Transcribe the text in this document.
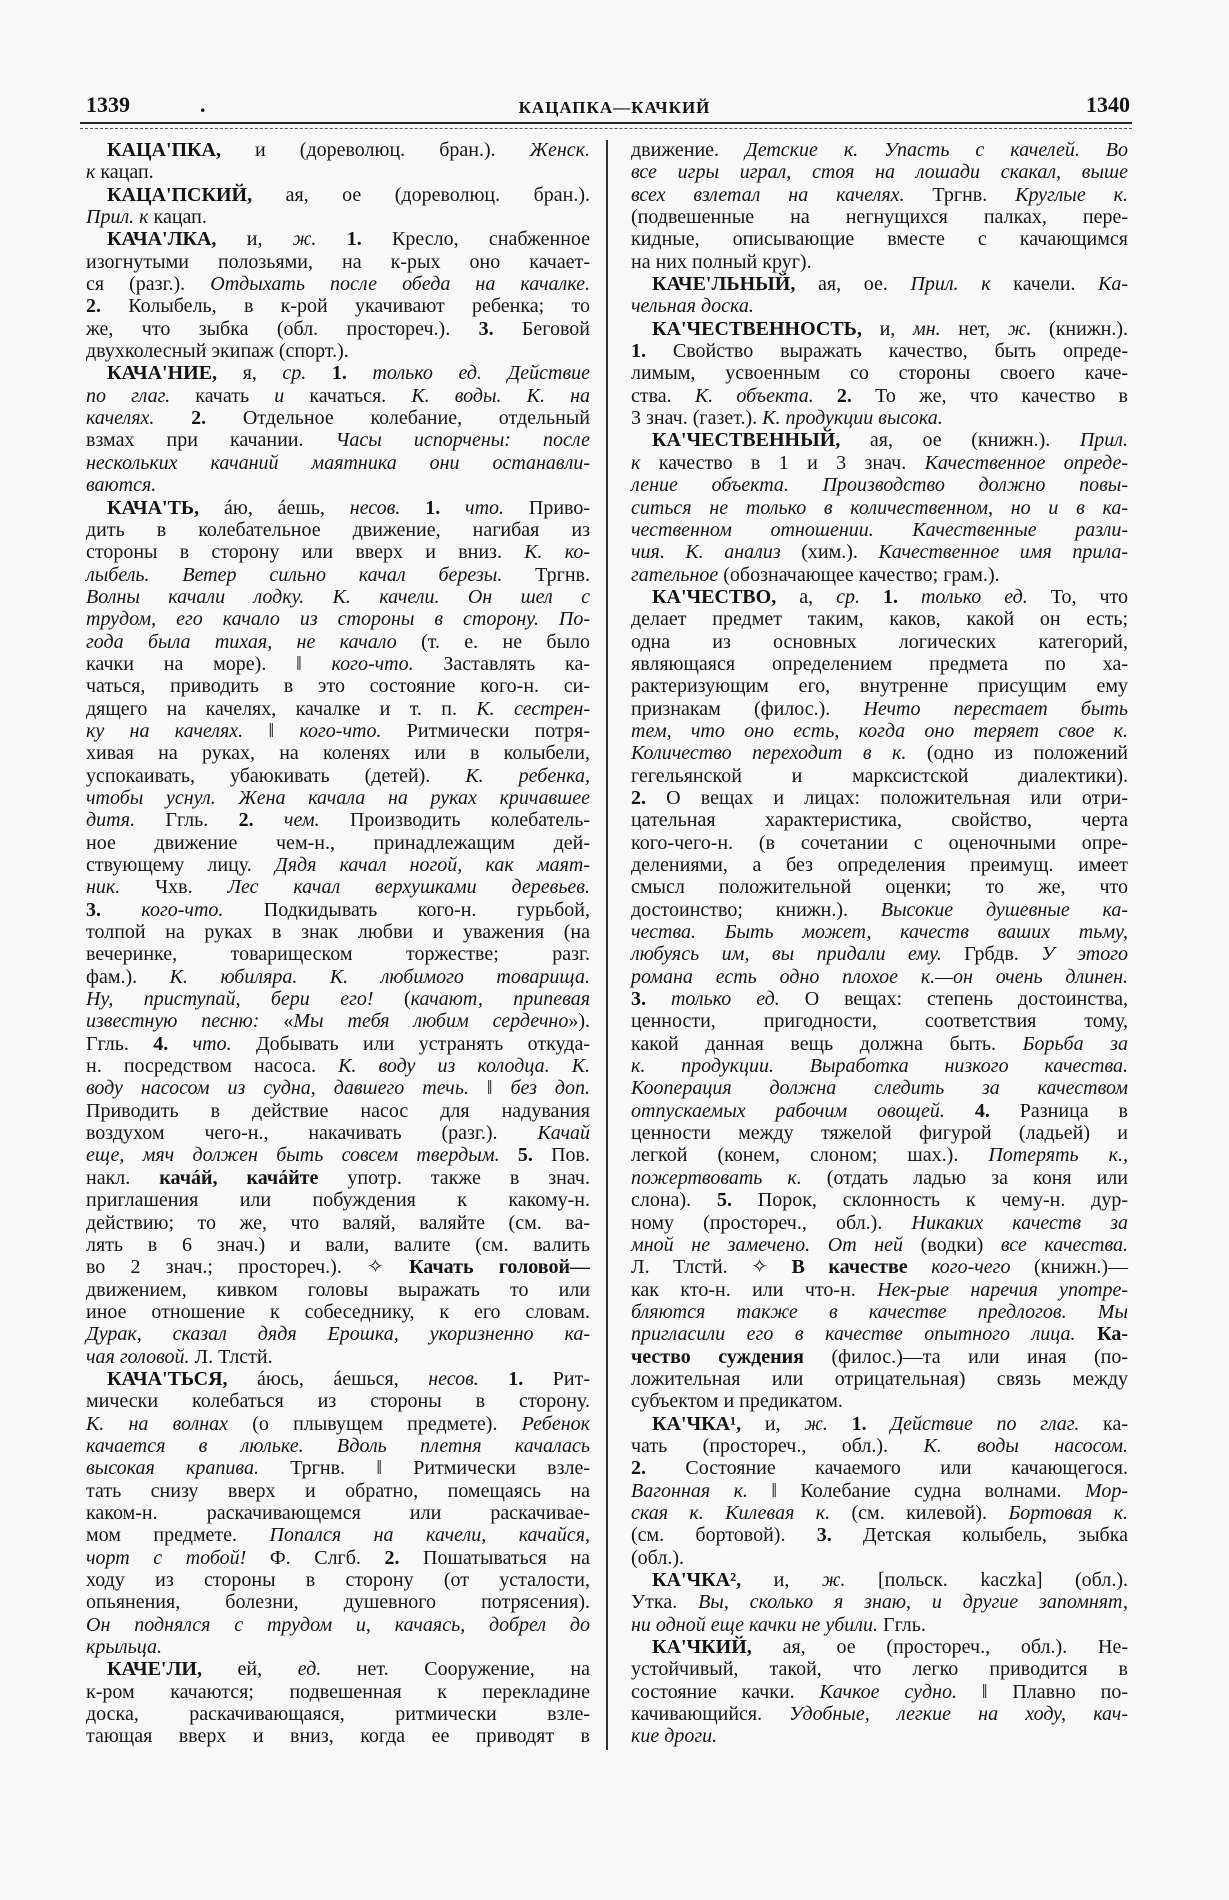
1339	.	КАЦАПКА—КАЧКИЙ	1340
КАЦА'ПКА, и (дореволюц. бран.). Женск.
к кацап.
КАЦА'ПСКИЙ, ая, ое (дореволюц. бран.).
Прил. к кацап.
КАЧА'ЛКА, и, ж. 1. Кресло, снабженное
изогнутыми полозьями, на к-рых оно качает-
ся (разг.). Отдыхать после обеда на качалке.
2. Колыбель, в к-рой укачивают ребенка; то
же, что зыбка (обл. простореч.). 3. Беговой
двухколесный экипаж (спорт.).
КАЧА'НИЕ, я, ср. 1. только ед. Действие
по глаг. качать и качаться. К. воды. К. на
качелях. 2. Отдельное колебание, отдельный
взмах при качании. Часы испорчены: после
нескольких качаний маятника они останавли-
ваются.
КАЧА'ТЬ, áю, áешь, несов. 1. что. Приво-
дить в колебательное движение, нагибая из
стороны в сторону или вверх и вниз. К. ко-
лыбель. Ветер сильно качал березы. Тргнв.
Волны качали лодку. К. качели. Он шел с
трудом, его качало из стороны в сторону. По-
года была тихая, не качало (т. е. не было
качки на море). ‖ кого-что. Заставлять ка-
чаться, приводить в это состояние кого-н. си-
дящего на качелях, качалке и т. п. К. сестрен-
ку на качелях. ‖ кого-что. Ритмически потря-
хивая на руках, на коленях или в колыбели,
успокаивать, убаюкивать (детей). К. ребенка,
чтобы уснул. Жена качала на руках кричавшее
дитя. Ггль. 2. чем. Производить колебатель-
ное движение чем-н., принадлежащим дей-
ствующему лицу. Дядя качал ногой, как маят-
ник. Чхв. Лес качал верхушками деревьев.
3. кого-что. Подкидывать кого-н. гурьбой,
толпой на руках в знак любви и уважения (на
вечеринке, товарищеском торжестве; разг.
фам.). К. юбиляра. К. любимого товарища.
Ну, приступай, бери его! (качают, припевая
известную песню: «Мы тебя любим сердечно»).
Ггль. 4. что. Добывать или устранять откуда-
н. посредством насоса. К. воду из колодца. К.
воду насосом из судна, давшего течь. ‖ без доп.
Приводить в действие насос для надувания
воздухом чего-н., накачивать (разг.). Качай
еще, мяч должен быть совсем твердым. 5. Пов.
накл. качáй, качáйте употр. также в знач.
приглашения или побуждения к какому-н.
действию; то же, что валяй, валяйте (см. ва-
лять в 6 знач.) и вали, валите (см. валить
во 2 знач.; простореч.). ✧ Качать головой—
движением, кивком головы выражать то или
иное отношение к собеседнику, к его словам.
Дурак, сказал дядя Ерошка, укоризненно ка-
чая головой. Л. Тлстй.
КАЧА'ТЬСЯ, áюсь, áешься, несов. 1. Рит-
мически колебаться из стороны в сторону.
К. на волнах (о плывущем предмете). Ребенок
качается в люльке. Вдоль плетня качалась
высокая крапива. Тргнв. ‖ Ритмически взле-
тать снизу вверх и обратно, помещаясь на
каком-н. раскачивающемся или раскачивае-
мом предмете. Попался на качели, качайся,
чорт с тобой! Ф. Слгб. 2. Пошатываться на
ходу из стороны в сторону (от усталости,
опьянения, болезни, душевного потрясения).
Он поднялся с трудом и, качаясь, добрел до
крыльца.
КАЧЕ'ЛИ, ей, ед. нет. Сооружение, на
к-ром качаются; подвешенная к перекладине
доска, раскачивающаяся, ритмически взле-
тающая вверх и вниз, когда ее приводят в
движение. Детские к. Упасть с качелей. Во
все игры играл, стоя на лошади скакал, выше
всех взлетал на качелях. Тргнв. Круглые к.
(подвешенные на негнущихся палках, пере-
кидные, описывающие вместе с качающимся
на них полный круг).
КАЧЕ'ЛЬНЫЙ, ая, ое. Прил. к качели. Ка-
чельная доска.
КА'ЧЕСТВЕННОСТЬ, и, мн. нет, ж. (книжн.).
1. Свойство выражать качество, быть опреде-
лимым, усвоенным со стороны своего каче-
ства. К. объекта. 2. То же, что качество в
3 знач. (газет.). К. продукции высока.
КА'ЧЕСТВЕННЫЙ, ая, ое (книжн.). Прил.
к качество в 1 и 3 знач. Качественное опреде-
ление объекта. Производство должно повы-
ситься не только в количественном, но и в ка-
чественном отношении. Качественные разли-
чия. К. анализ (хим.). Качественное имя прила-
гательное (обозначающее качество; грам.).
КА'ЧЕСТВО, а, ср. 1. только ед. То, что
делает предмет таким, каков, какой он есть;
одна из основных логических категорий,
являющаяся определением предмета по ха-
рактеризующим его, внутренне присущим ему
признакам (филос.). Нечто перестает быть
тем, что оно есть, когда оно теряет свое к.
Количество переходит в к. (одно из положений
гегельянской и марксистской диалектики).
2. О вещах и лицах: положительная или отри-
цательная характеристика, свойство, черта
кого-чего-н. (в сочетании с оценочными опре-
делениями, а без определения преимущ. имеет
смысл положительной оценки; то же, что
достоинство; книжн.). Высокие душевные ка-
чества. Быть может, качеств ваших тьму,
любуясь им, вы придали ему. Грбдв. У этого
романа есть одно плохое к.—он очень длинен.
3. только ед. О вещах: степень достоинства,
ценности, пригодности, соответствия тому,
какой данная вещь должна быть. Борьба за
к. продукции. Выработка низкого качества.
Кооперация должна следить за качеством
отпускаемых рабочим овощей. 4. Разница в
ценности между тяжелой фигурой (ладьей) и
легкой (конем, слоном; шах.). Потерять к.,
пожертвовать к. (отдать ладью за коня или
слона). 5. Порок, склонность к чему-н. дур-
ному (простореч., обл.). Никаких качеств за
мной не замечено. От ней (водки) все качества.
Л. Тлстй. ✧ В качестве кого-чего (книжн.)—
как кто-н. или что-н. Нек-рые наречия употре-
бляются также в качестве предлогов. Мы
пригласили его в качестве опытного лица. Ка-
чество суждения (филос.)—та или иная (по-
ложительная или отрицательная) связь между
субъектом и предикатом.
КА'ЧКА¹, и, ж. 1. Действие по глаг. ка-
чать (простореч., обл.). К. воды насосом.
2. Состояние качаемого или качающегося.
Вагонная к. ‖ Колебание судна волнами. Мор-
ская к. Килевая к. (см. килевой). Бортовая к.
(см. бортовой). 3. Детская колыбель, зыбка
(обл.).
КА'ЧКА², и, ж. [польск. kaczka] (обл.).
Утка. Вы, сколько я знаю, и другие запомнят,
ни одной еще качки не убили. Ггль.
КА'ЧКИЙ, ая, ое (простореч., обл.). Не-
устойчивый, такой, что легко приводится в
состояние качки. Качкое судно. ‖ Плавно по-
качивающийся. Удобные, легкие на ходу, кач-
кие дроги.
